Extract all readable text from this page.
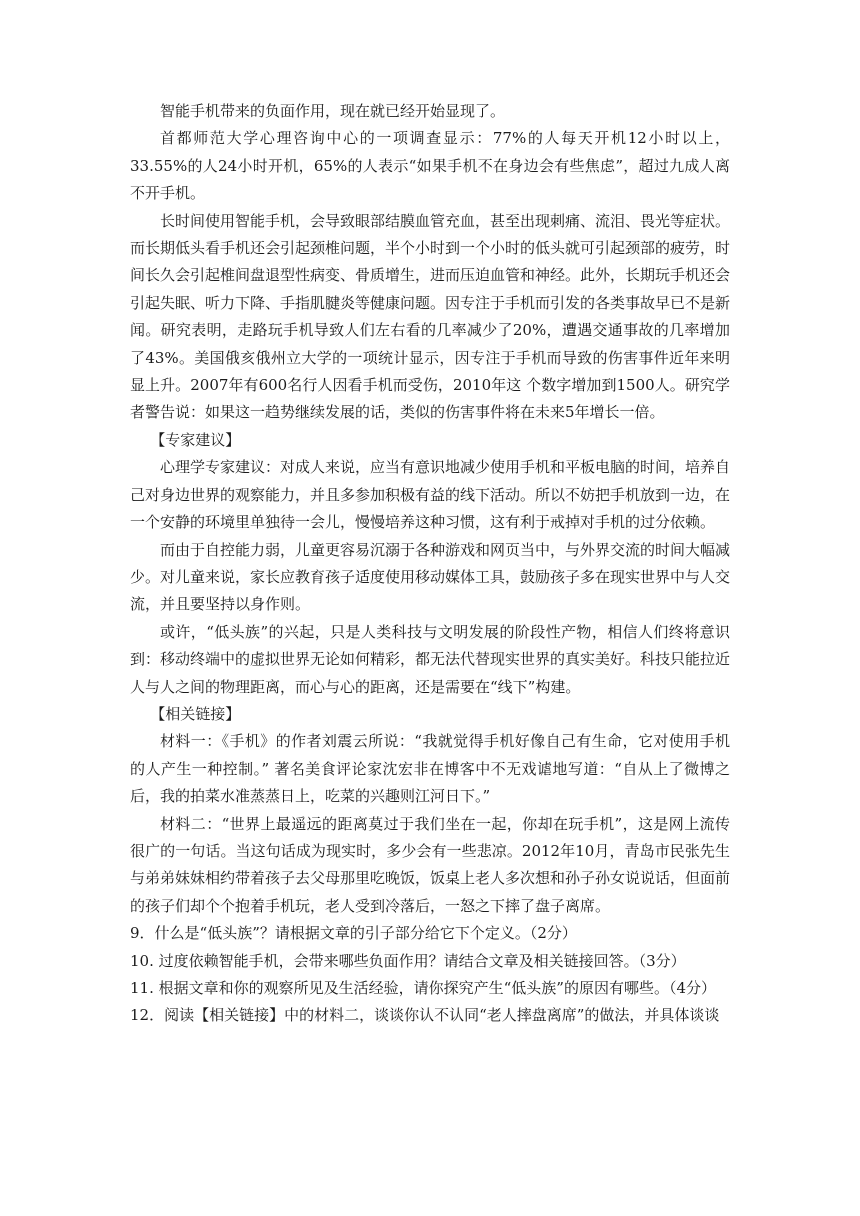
智能手机带来的负面作用，现在就已经开始显现了。

首都师范大学心理咨询中心的一项调查显示：77%的人每天开机12小时以上，33.55%的人24小时开机，65%的人表示“如果手机不在身边会有些焦虑”，超过九成人离不开手机。

长时间使用智能手机，会导致眼部结膜血管充血，甚至出现刺痛、流泪、畏光等症状。而长期低头看手机还会引起颈椎问题，半个小时到一个小时的低头就可引起颈部的疲劳，时间长久会引起椎间盘退型性病变、骨质增生，进而压迫血管和神经。此外，长期玩手机还会引起失眠、听力下降、手指肌腱炎等健康问题。因专注于手机而引发的各类事故早已不是新闻。研究表明，走路玩手机导致人们左右看的几率减少了20%，遭遇交通事故的几率增加了43%。美国俄亥俄州立大学的一项统计显示，因专注于手机而导致的伤害事件近年来明显上升。2007年有600名行人因看手机而受伤，2010年这 个数字增加到1500人。研究学者警告说：如果这一趋势继续发展的话，类似的伤害事件将在未来5年增长一倍。

【专家建议】

心理学专家建议：对成人来说，应当有意识地减少使用手机和平板电脑的时间，培养自己对身边世界的观察能力，并且多参加积极有益的线下活动。所以不妨把手机放到一边，在一个安静的环境里单独待一会儿，慢慢培养这种习惯，这有利于戒掉对手机的过分依赖。

而由于自控能力弱，儿童更容易沉溺于各种游戏和网页当中，与外界交流的时间大幅减少。对儿童来说，家长应教育孩子适度使用移动媒体工具，鼓励孩子多在现实世界中与人交流，并且要坚持以身作则。

或许，“低头族”的兴起，只是人类科技与文明发展的阶段性产物，相信人们终将意识到：移动终端中的虚拟世界无论如何精彩，都无法代替现实世界的真实美好。科技只能拉近人与人之间的物理距离，而心与心的距离，还是需要在“线下”构建。

【相关链接】

材料一：《手机》的作者刘震云所说：“我就觉得手机好像自己有生命，它对使用手机的人产生一种控制。” 著名美食评论家沈宏非在博客中不无戏谑地写道：“自从上了微博之后，我的拍菜水准蒸蒸日上，吃菜的兴趣则江河日下。”

材料二：“世界上最遥远的距离莫过于我们坐在一起，你却在玩手机”，这是网上流传很广的一句话。当这句话成为现实时，多少会有一些悲凉。2012年10月，青岛市民张先生与弟弟妹妹相约带着孩子去父母那里吃晚饭，饭桌上老人多次想和孙子孙女说说话，但面前的孩子们却个个抱着手机玩，老人受到冷落后，一怒之下摔了盘子离席。

9．什么是“低头族”？请根据文章的引子部分给它下个定义。（2分）

10. 过度依赖智能手机，会带来哪些负面作用？请结合文章及相关链接回答。（3分）

11. 根据文章和你的观察所见及生活经验，请你探究产生“低头族”的原因有哪些。（4分）

12．阅读【相关链接】中的材料二，谈谈你认不认同“老人摔盘离席”的做法，并具体谈谈
